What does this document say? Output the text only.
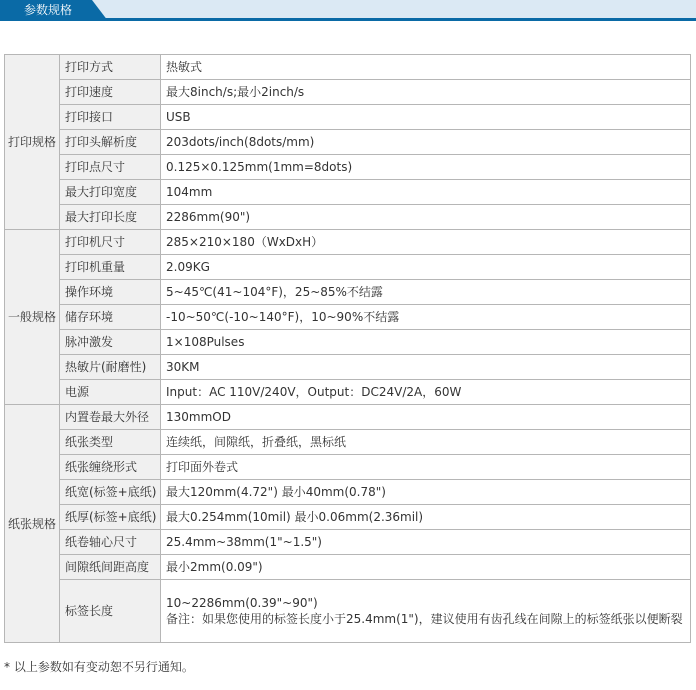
参数规格
打印规格	打印方式	热敏式
	打印速度	最大8inch/s;最小2inch/s
	打印接口	USB
	打印头解析度	203dots/inch(8dots/mm)
	打印点尺寸	0.125×0.125mm(1mm=8dots)
	最大打印宽度	104mm
	最大打印长度	2286mm(90")
一般规格	打印机尺寸	285×210×180（WxDxH）
	打印机重量	2.09KG
	操作环境	5~45℃(41~104°F)，25~85%不结露
	储存环境	-10~50℃(-10~140°F)，10~90%不结露
	脉冲激发	1×108Pulses
	热敏片(耐磨性)	30KM
	电源	Input：AC 110V/240V，Output：DC24V/2A，60W
纸张规格	内置卷最大外径	130mmOD
	纸张类型	连续纸，间隙纸，折叠纸，黑标纸
	纸张缠绕形式	打印面外卷式
	纸宽(标签+底纸)	最大120mm(4.72") 最小40mm(0.78")
	纸厚(标签+底纸)	最大0.254mm(10mil) 最小0.06mm(2.36mil)
	纸卷轴心尺寸	25.4mm~38mm(1"~1.5")
	间隙纸间距高度	最小2mm(0.09")
	标签长度	10~2286mm(0.39"~90")
备注：如果您使用的标签长度小于25.4mm(1")，建议使用有齿孔线在间隙上的标签纸张以便断裂
* 以上参数如有变动恕不另行通知。
